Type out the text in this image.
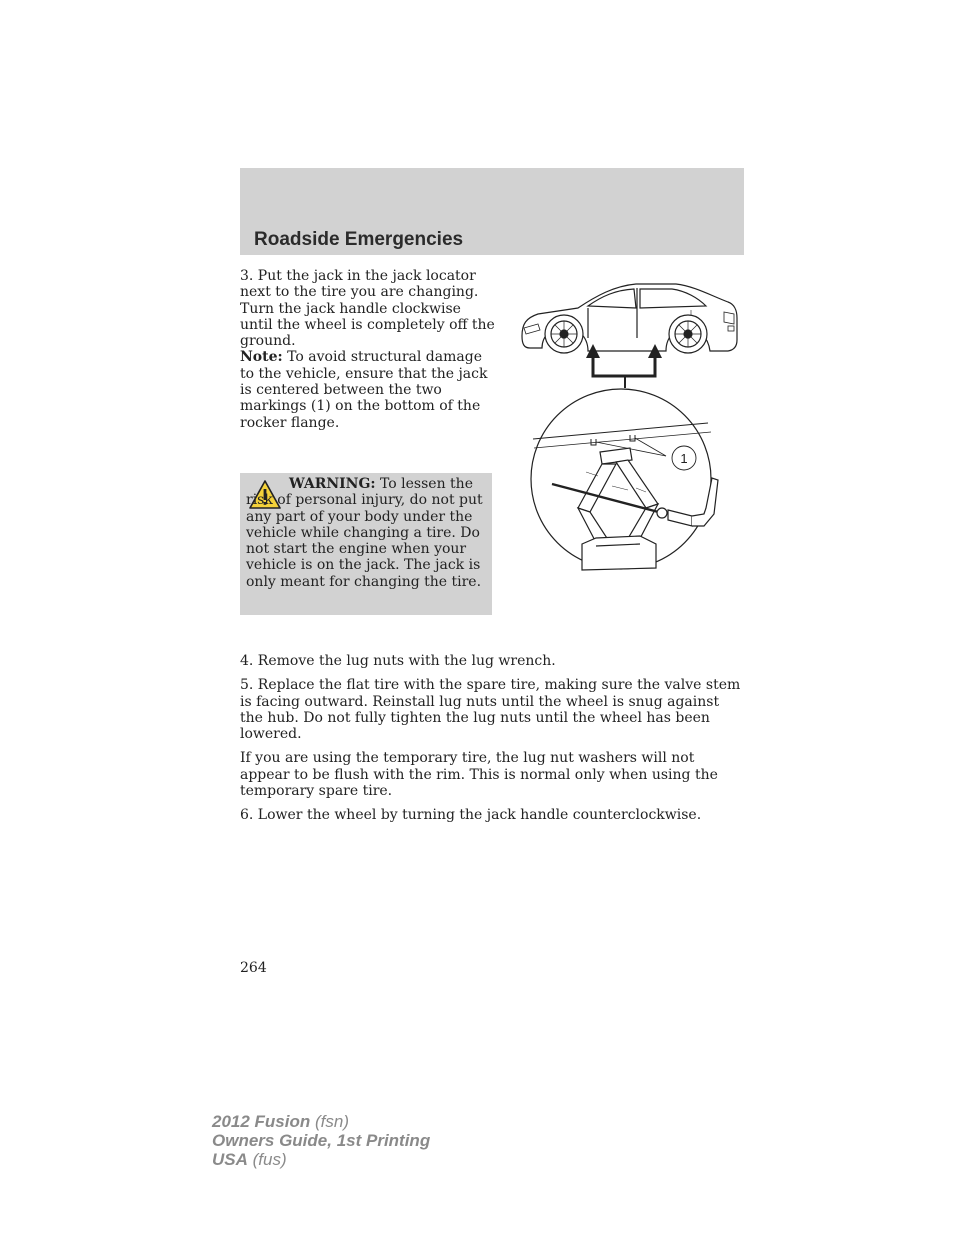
Roadside Emergencies

3. Put the jack in the jack locator next to the tire you are changing. Turn the jack handle clockwise until the wheel is completely off the ground.
Note: To avoid structural damage to the vehicle, ensure that the jack is centered between the two markings (1) on the bottom of the rocker flange.

WARNING: To lessen the risk of personal injury, do not put any part of your body under the vehicle while changing a tire. Do not start the engine when your vehicle is on the jack. The jack is only meant for changing the tire.
1

4. Remove the lug nuts with the lug wrench.

5. Replace the flat tire with the spare tire, making sure the valve stem is facing outward. Reinstall lug nuts until the wheel is snug against the hub. Do not fully tighten the lug nuts until the wheel has been lowered.

If you are using the temporary tire, the lug nut washers will not appear to be flush with the rim. This is normal only when using the temporary spare tire.

6. Lower the wheel by turning the jack handle counterclockwise.

264
2012 Fusion (fsn)
Owners Guide, 1st Printing
USA (fus)
